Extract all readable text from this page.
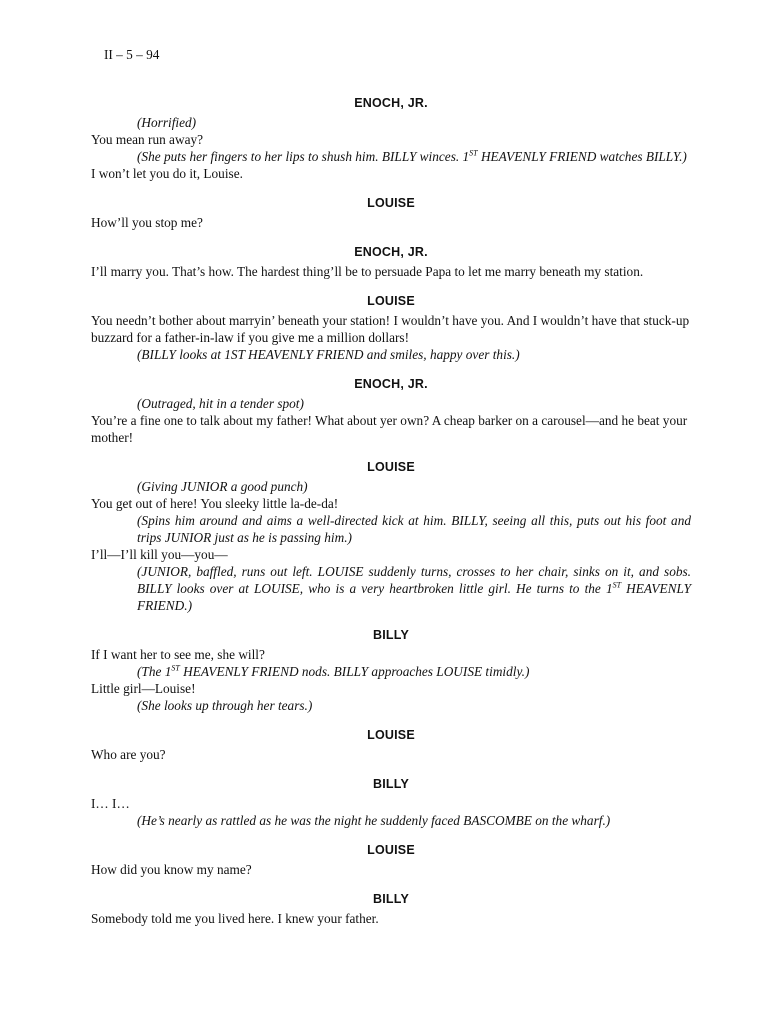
II – 5 – 94
ENOCH, JR.
(Horrified)
You mean run away?
(She puts her fingers to her lips to shush him. BILLY winces. 1ST HEAVENLY FRIEND watches BILLY.)
I won’t let you do it, Louise.
LOUISE
How’ll you stop me?
ENOCH, JR.
I’ll marry you. That’s how. The hardest thing’ll be to persuade Papa to let me marry beneath my station.
LOUISE
You needn’t bother about marryin’ beneath your station! I wouldn’t have you. And I wouldn’t have that stuck-up buzzard for a father-in-law if you give me a million dollars!
(BILLY looks at 1ST HEAVENLY FRIEND and smiles, happy over this.)
ENOCH, JR.
(Outraged, hit in a tender spot)
You’re a fine one to talk about my father! What about yer own? A cheap barker on a carousel—and he beat your mother!
LOUISE
(Giving JUNIOR a good punch)
You get out of here! You sleeky little la-de-da!
(Spins him around and aims a well-directed kick at him. BILLY, seeing all this, puts out his foot and trips JUNIOR just as he is passing him.)
I’ll—I’ll kill you—you—
(JUNIOR, baffled, runs out left. LOUISE suddenly turns, crosses to her chair, sinks on it, and sobs. BILLY looks over at LOUISE, who is a very heartbroken little girl. He turns to the 1ST HEAVENLY FRIEND.)
BILLY
If I want her to see me, she will?
(The 1ST HEAVENLY FRIEND nods. BILLY approaches LOUISE timidly.)
Little girl—Louise!
(She looks up through her tears.)
LOUISE
Who are you?
BILLY
I… I…
(He’s nearly as rattled as he was the night he suddenly faced BASCOMBE on the wharf.)
LOUISE
How did you know my name?
BILLY
Somebody told me you lived here. I knew your father.
